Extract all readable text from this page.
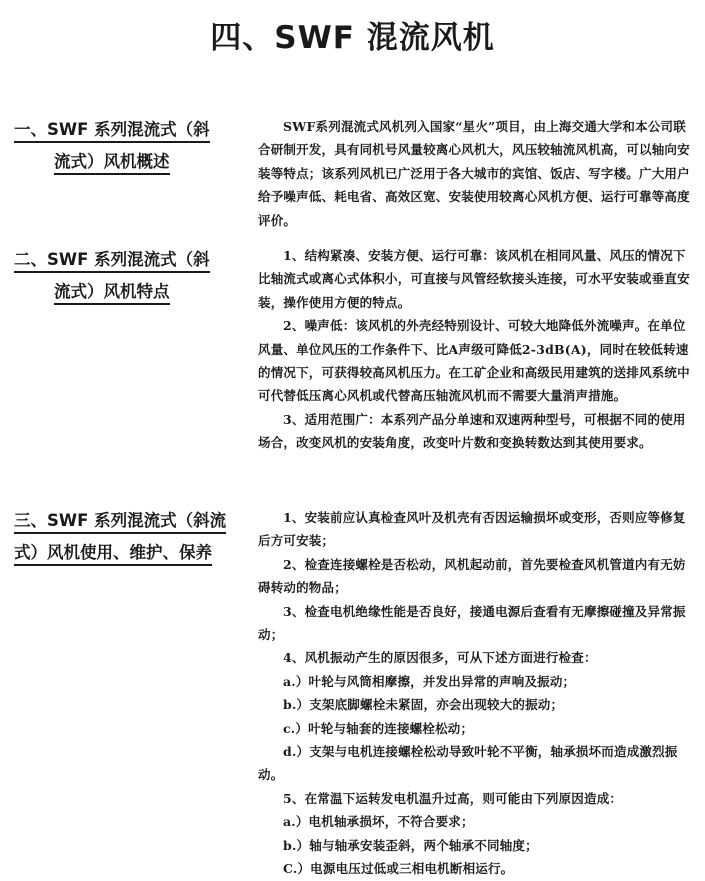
四、SWF 混流风机
一、SWF 系列混流式（斜
流式）风机概述

SWF系列混流式风机列入国家“星火”项目，由上海交通大学和本公司联合研制开发，具有同机号风量较离心风机大，风压较轴流风机高，可以轴向安装等特点；该系列风机已广泛用于各大城市的宾馆、饭店、写字楼。广大用户给予噪声低、耗电省、高效区宽、安装使用较离心风机方便、运行可靠等高度评价。

二、SWF 系列混流式（斜
流式）风机特点

1、结构紧凑、安装方便、运行可靠：该风机在相同风量、风压的情况下比轴流式或离心式体积小，可直接与风管经软接头连接，可水平安装或垂直安装，操作使用方便的特点。

2、噪声低：该风机的外壳经特别设计、可较大地降低外流噪声。在单位风量、单位风压的工作条件下、比A声级可降低2-3dB(A)，同时在较低转速的情况下，可获得较高风机压力。在工矿企业和高级民用建筑的送排风系统中可代替低压离心风机或代替高压轴流风机而不需要大量消声措施。

3、适用范围广：本系列产品分单速和双速两种型号，可根据不同的使用场合，改变风机的安装角度，改变叶片数和变换转数达到其使用要求。

三、SWF 系列混流式（斜流
式）风机使用、维护、保养

1、安装前应认真检查风叶及机壳有否因运输损坏或变形，否则应等修复后方可安装；

2、检查连接螺栓是否松动，风机起动前，首先要检查风机管道内有无妨碍转动的物品；

3、检查电机绝缘性能是否良好，接通电源后查看有无摩擦碰撞及异常振动；

4、风机振动产生的原因很多，可从下述方面进行检查：

a.）叶轮与风筒相摩擦，并发出异常的声响及振动；

b.）支架底脚螺栓未紧固，亦会出现较大的振动；

c.）叶轮与轴套的连接螺栓松动；

d.）支架与电机连接螺栓松动导致叶轮不平衡，轴承损坏而造成激烈振动。

5、在常温下运转发电机温升过高，则可能由下列原因造成：

a.）电机轴承损坏，不符合要求；

b.）轴与轴承安装歪斜，两个轴承不同轴度；

C.）电源电压过低或三相电机断相运行。
